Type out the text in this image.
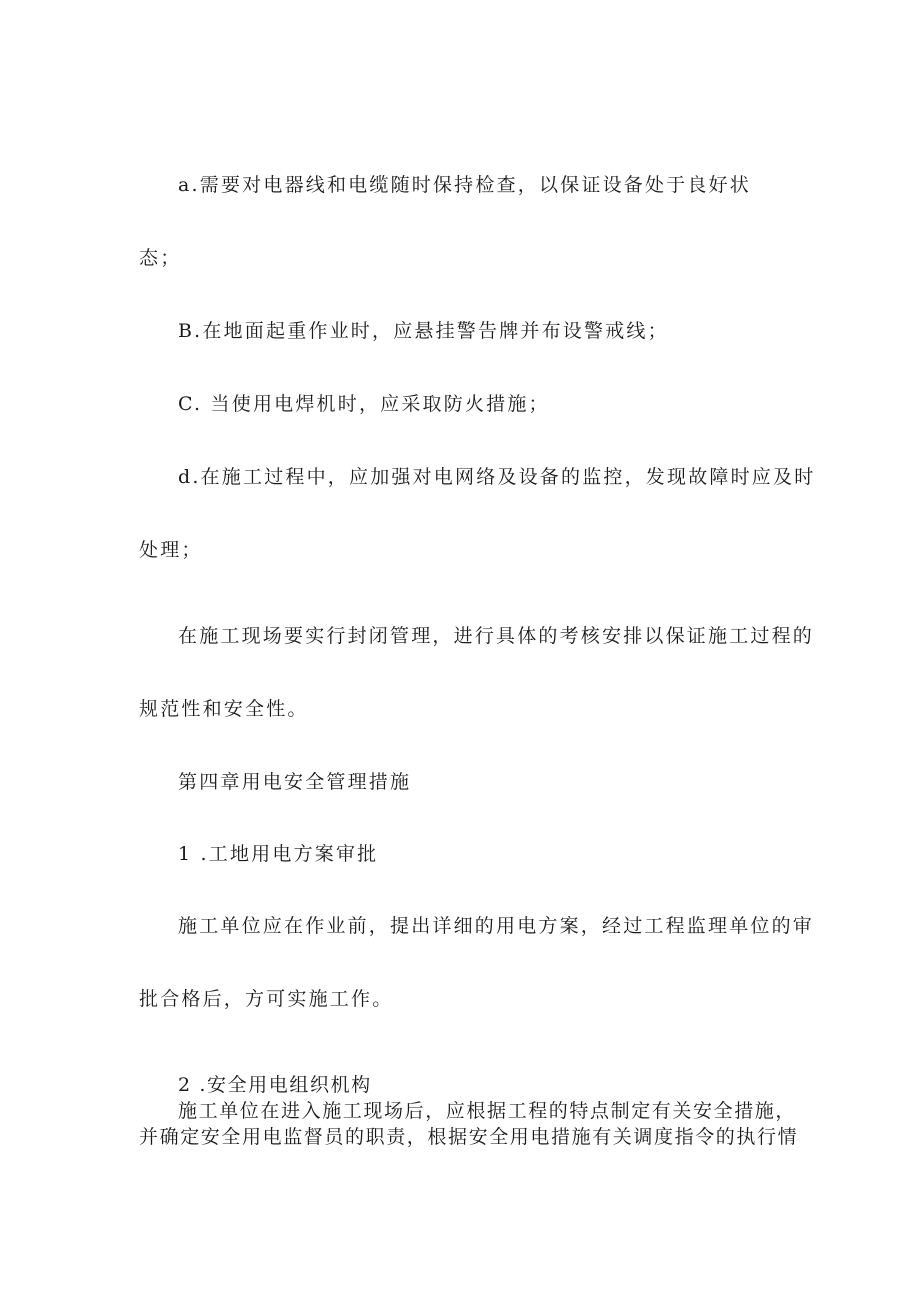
a.需要对电器线和电缆随时保持检查，以保证设备处于良好状

态；

B.在地面起重作业时，应悬挂警告牌并布设警戒线；

C. 当使用电焊机时，应采取防火措施；

d.在施工过程中，应加强对电网络及设备的监控，发现故障时应及时

处理；

在施工现场要实行封闭管理，进行具体的考核安排以保证施工过程的

规范性和安全性。

第四章用电安全管理措施

1 .工地用电方案审批

施工单位应在作业前，提出详细的用电方案，经过工程监理单位的审

批合格后，方可实施工作。

2 .安全用电组织机构

施工单位在进入施工现场后，应根据工程的特点制定有关安全措施，

并确定安全用电监督员的职责，根据安全用电措施有关调度指令的执行情
